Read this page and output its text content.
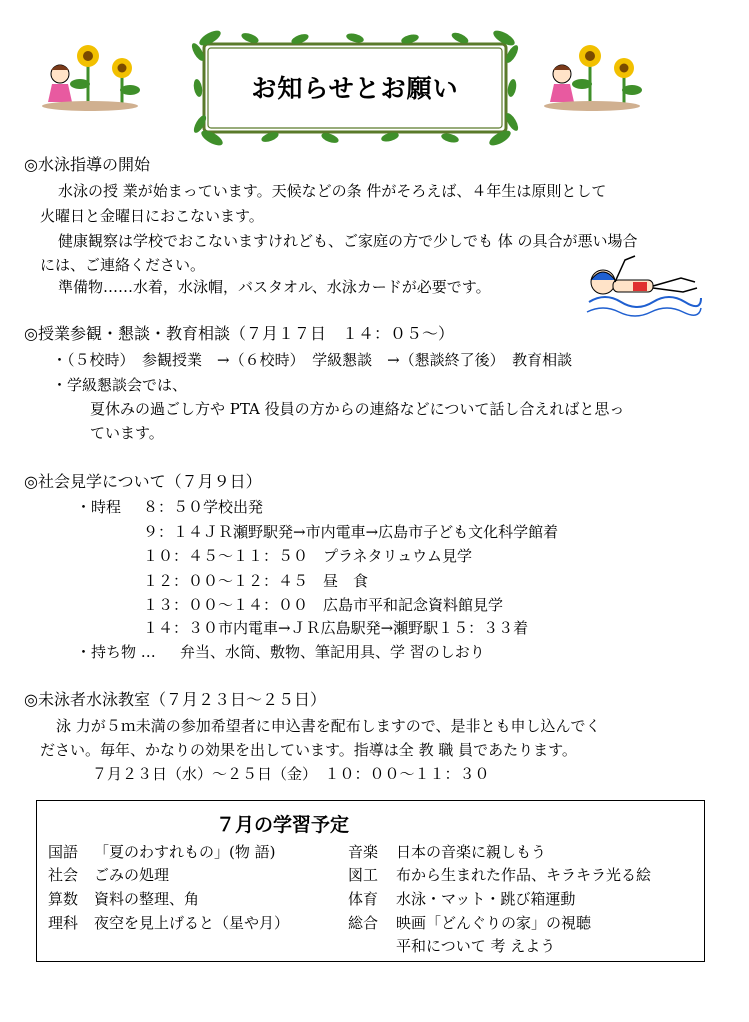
お知らせとお願い
◎水泳指導の開始
水泳の授 業が始まっています。天候などの条 件がそろえば、４年生は原則として
火曜日と金曜日におこないます。
健康観察は学校でおこないますけれども、ご家庭の方で少しでも 体 の具合が悪い場合
には、ご連絡ください。
準備物……水着，水泳帽，バスタオル、水泳カードが必要です。
◎授業参観・懇談・教育相談（７月１７日　１４：０５〜）
・（５校時）　参観授業　→（６校時）　学級懇談　→（懇談終了後）　教育相談
・学級懇談会では、
夏休みの過ごし方や PTA 役員の方からの連絡などについて話し合えればと思っ
ています。
◎社会見学について（７月９日）
・時程 ８：５０学校出発
９：１４ＪＲ瀬野駅発→市内電車→広島市子ども文化科学館着
１０：４５〜１１：５０　プラネタリュウム見学
１２：００〜１２：４５　昼　食
１３：００〜１４：００　広島市平和記念資料館見学
１４：３０市内電車→ＪＲ広島駅発→瀬野駅１５：３３着
・持ち物 … 弁当、水筒、敷物、筆記用具、学 習のしおり
◎未泳者水泳教室（７月２３日〜２５日）
泳 力が５ｍ未満の参加希望者に申込書を配布しますので、是非とも申し込んでく
ださい。毎年、かなりの効果を出しています。指導は全 教 職 員であたります。
７月２３日（水）〜２５日（金）　１０：００〜１１：３０
７月の学習予定
国語 「夏のわすれもの」(物 語)
社会 ごみの処理
算数 資料の整理、角
理科 夜空を見上げると（星や月）
音楽 日本の音楽に親しもう
図工 布から生まれた作品、キラキラ光る絵
体育 水泳・マット・跳び箱運動
総合 映画「どんぐりの家」の視聴
平和について 考 えよう
